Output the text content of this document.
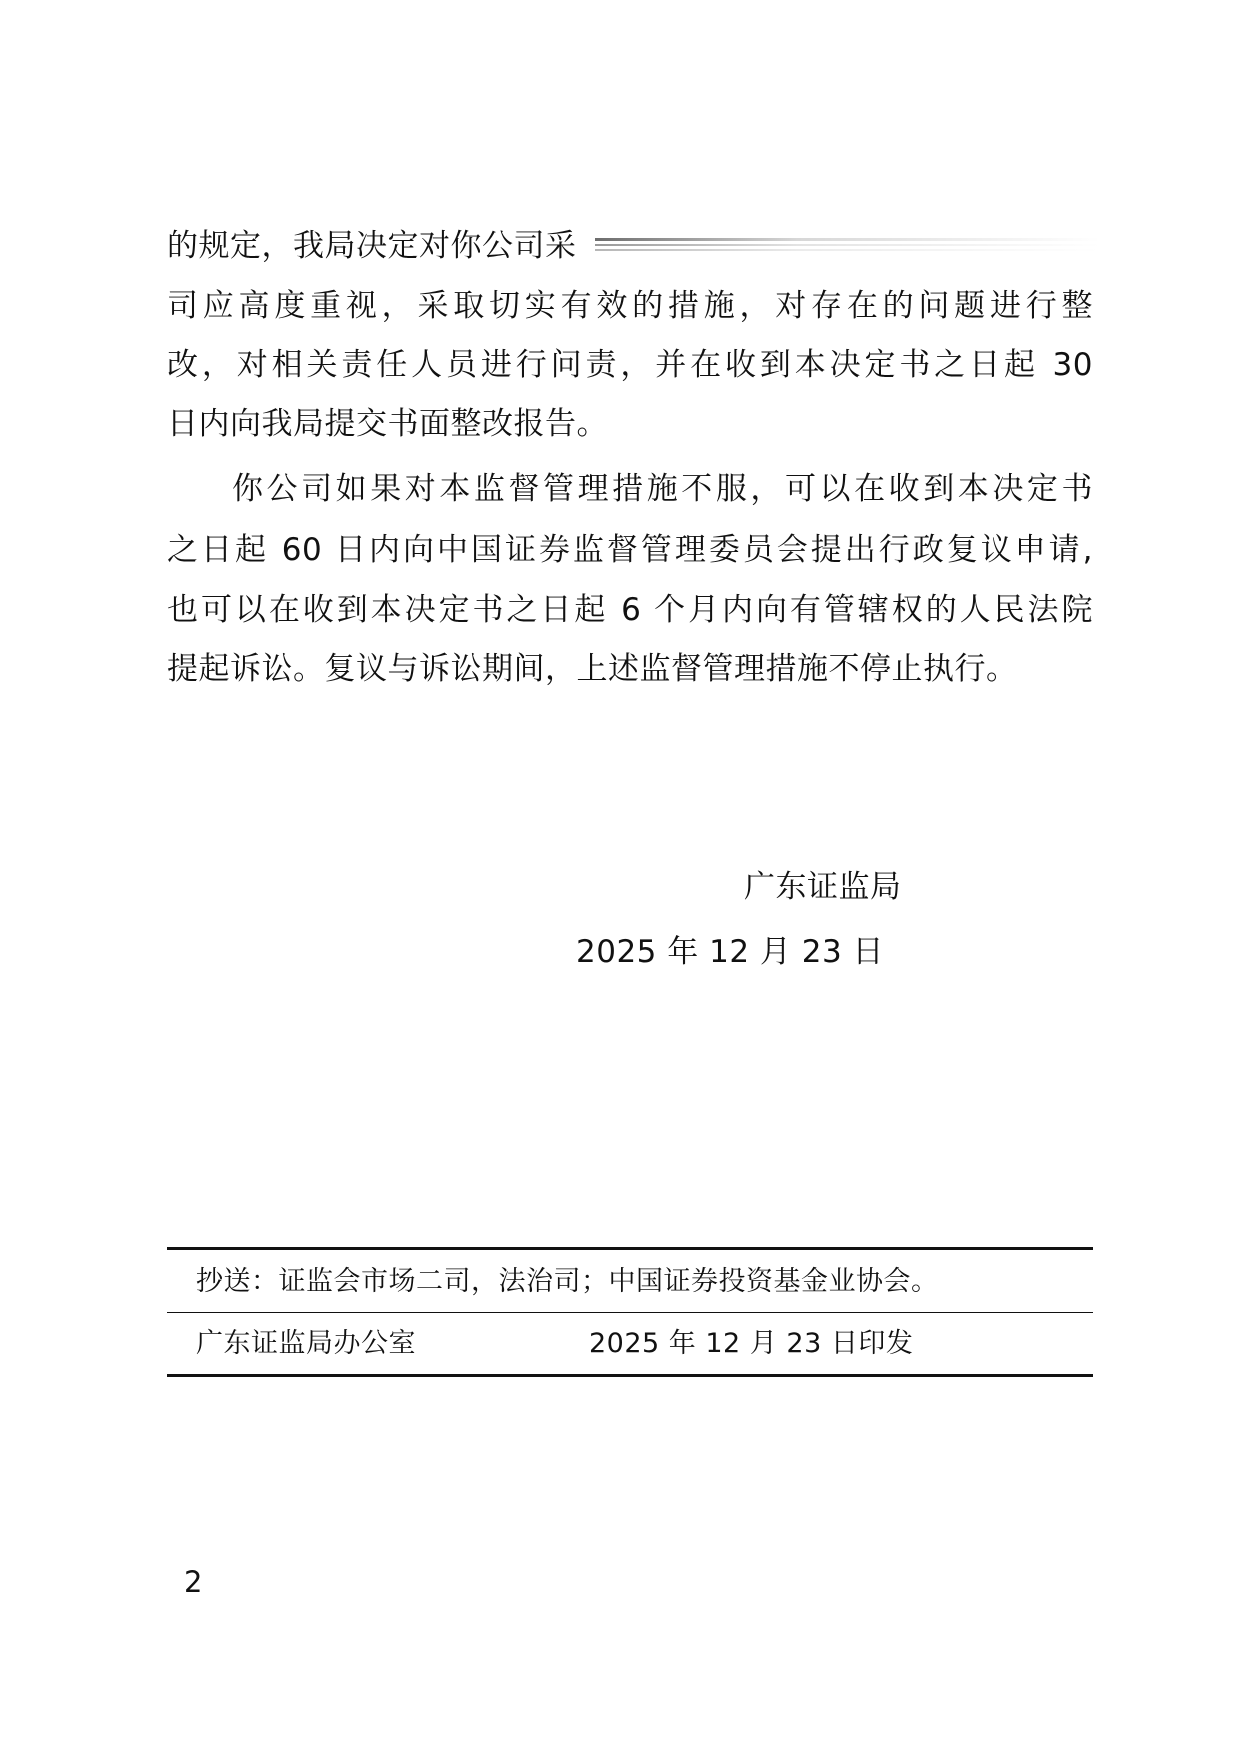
的规定，我局决定对你公司采
司应高度重视，采取切实有效的措施，对存在的问题进行整
改，对相关责任人员进行问责，并在收到本决定书之日起 30
日内向我局提交书面整改报告。
你公司如果对本监督管理措施不服，可以在收到本决定书
之日起 60 日内向中国证券监督管理委员会提出行政复议申请,
也可以在收到本决定书之日起 6 个月内向有管辖权的人民法院
提起诉讼。复议与诉讼期间，上述监督管理措施不停止执行。
广东证监局
2025 年 12 月 23 日
抄送：证监会市场二司，法治司；中国证券投资基金业协会。
广东证监局办公室	2025 年 12 月 23 日印发
2
